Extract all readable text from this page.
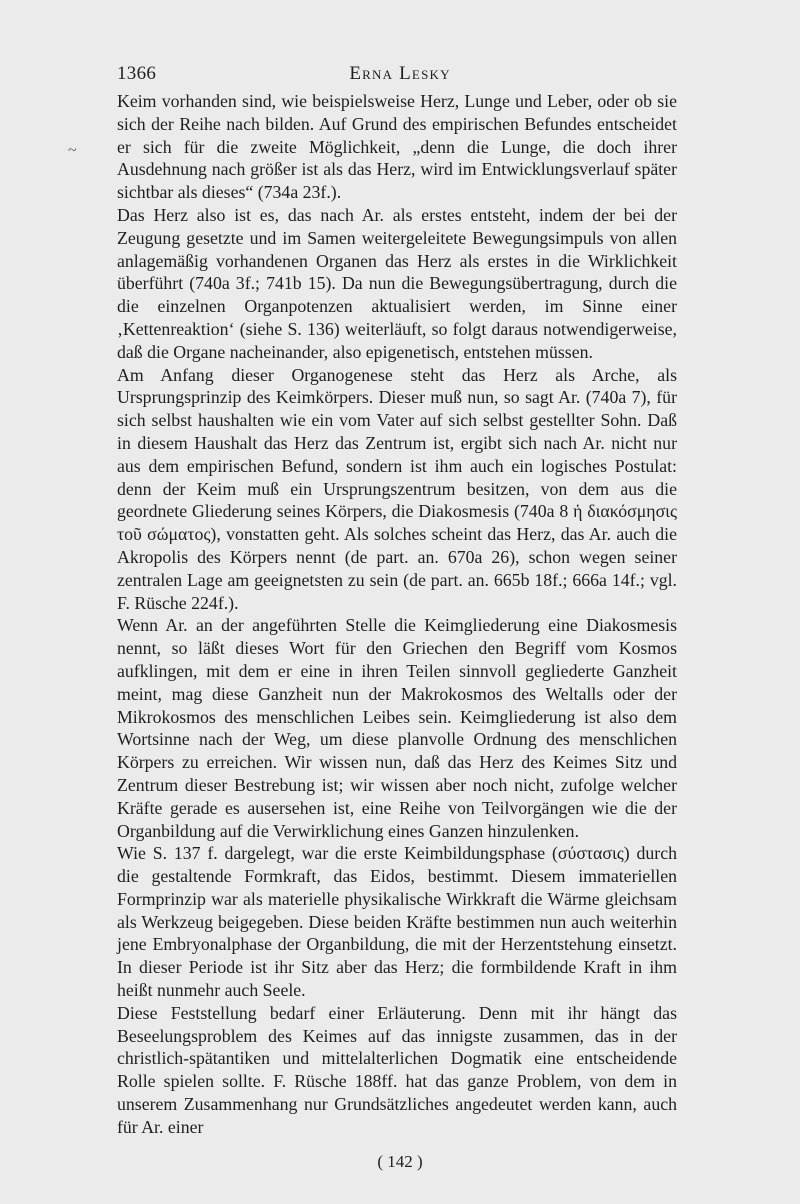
1366	Erna Lesky
~

Keim vorhanden sind, wie beispielsweise Herz, Lunge und Leber, oder ob sie sich der Reihe nach bilden. Auf Grund des empirischen Befundes entscheidet er sich für die zweite Möglichkeit, „denn die Lunge, die doch ihrer Ausdehnung nach größer ist als das Herz, wird im Entwicklungsverlauf später sichtbar als dieses“ (734a 23f.).

Das Herz also ist es, das nach Ar. als erstes entsteht, indem der bei der Zeugung gesetzte und im Samen weitergeleitete Bewegungsimpuls von allen anlagemäßig vorhandenen Organen das Herz als erstes in die Wirklichkeit überführt (740a 3f.; 741b 15). Da nun die Bewegungsübertragung, durch die die einzelnen Organpotenzen aktualisiert werden, im Sinne einer ‚Kettenreaktion‘ (siehe S. 136) weiterläuft, so folgt daraus notwendigerweise, daß die Organe nacheinander, also epigenetisch, entstehen müssen.

Am Anfang dieser Organogenese steht das Herz als Arche, als Ursprungsprinzip des Keimkörpers. Dieser muß nun, so sagt Ar. (740a 7), für sich selbst haushalten wie ein vom Vater auf sich selbst gestellter Sohn. Daß in diesem Haushalt das Herz das Zentrum ist, ergibt sich nach Ar. nicht nur aus dem empirischen Befund, sondern ist ihm auch ein logisches Postulat: denn der Keim muß ein Ursprungszentrum besitzen, von dem aus die geordnete Gliederung seines Körpers, die Diakosmesis (740a 8 ἡ διακόσμησις τοῦ σώματος), vonstatten geht. Als solches scheint das Herz, das Ar. auch die Akropolis des Körpers nennt (de part. an. 670a 26), schon wegen seiner zentralen Lage am geeignetsten zu sein (de part. an. 665b 18f.; 666a 14f.; vgl. F. Rüsche 224f.).

Wenn Ar. an der angeführten Stelle die Keimgliederung eine Diakosmesis nennt, so läßt dieses Wort für den Griechen den Begriff vom Kosmos aufklingen, mit dem er eine in ihren Teilen sinnvoll gegliederte Ganzheit meint, mag diese Ganzheit nun der Makrokosmos des Weltalls oder der Mikrokosmos des menschlichen Leibes sein. Keimgliederung ist also dem Wortsinne nach der Weg, um diese planvolle Ordnung des menschlichen Körpers zu erreichen. Wir wissen nun, daß das Herz des Keimes Sitz und Zentrum dieser Bestrebung ist; wir wissen aber noch nicht, zufolge welcher Kräfte gerade es ausersehen ist, eine Reihe von Teilvorgängen wie die der Organbildung auf die Verwirklichung eines Ganzen hinzulenken.

Wie S. 137 f. dargelegt, war die erste Keimbildungsphase (σύστασις) durch die gestaltende Formkraft, das Eidos, bestimmt. Diesem immateriellen Formprinzip war als materielle physikalische Wirkkraft die Wärme gleichsam als Werkzeug beigegeben. Diese beiden Kräfte bestimmen nun auch weiterhin jene Embryonalphase der Organbildung, die mit der Herzentstehung einsetzt. In dieser Periode ist ihr Sitz aber das Herz; die formbildende Kraft in ihm heißt nunmehr auch Seele.

Diese Feststellung bedarf einer Erläuterung. Denn mit ihr hängt das Beseelungsproblem des Keimes auf das innigste zusammen, das in der christlich-spätantiken und mittelalterlichen Dogmatik eine entscheidende Rolle spielen sollte. F. Rüsche 188ff. hat das ganze Problem, von dem in unserem Zusammenhang nur Grundsätzliches angedeutet werden kann, auch für Ar. einer

( 142 )
